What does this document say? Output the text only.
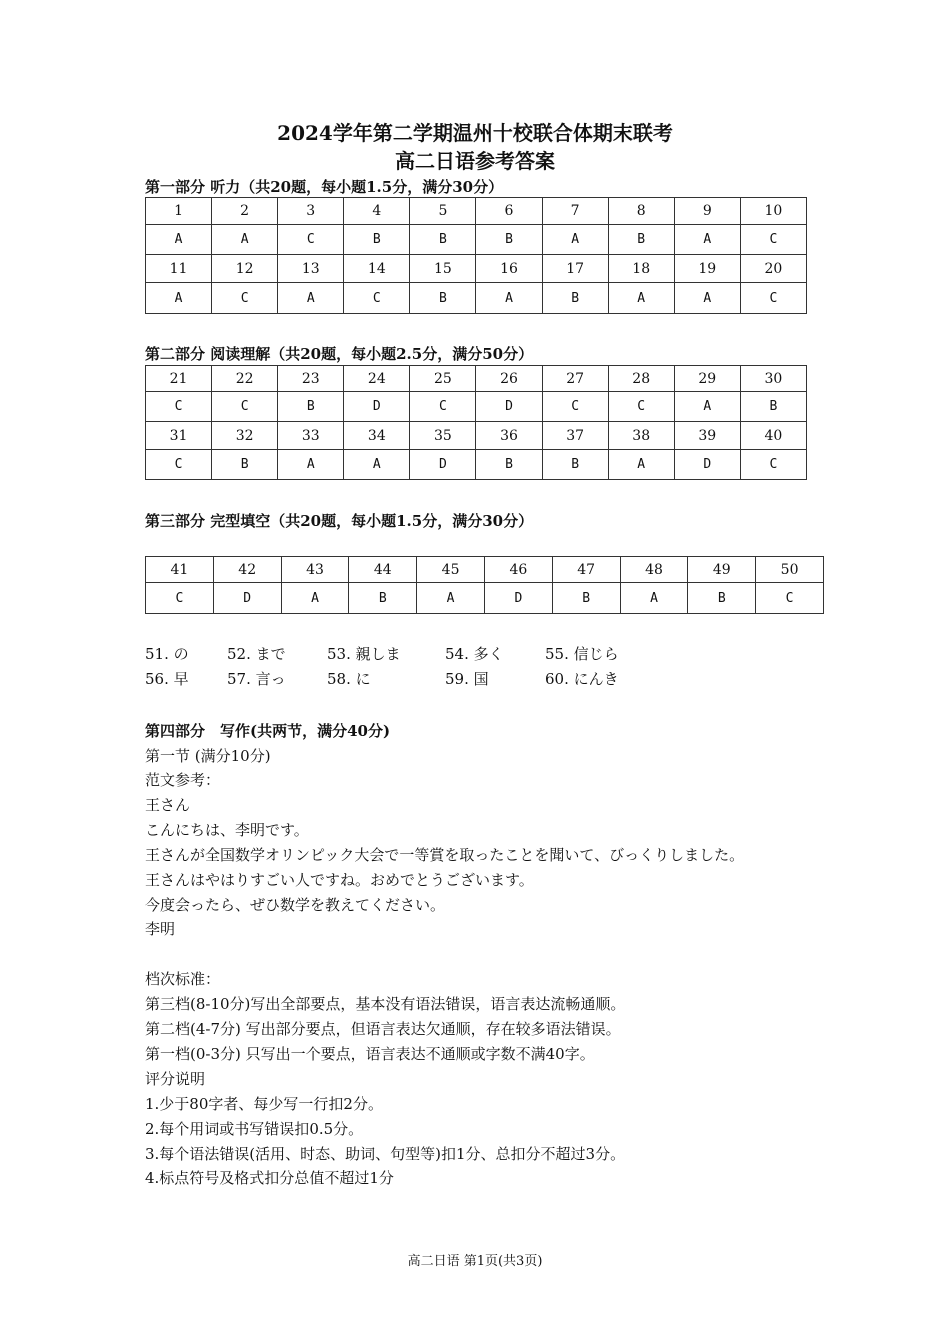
2024学年第二学期温州十校联合体期末联考
高二日语参考答案
第一部分 听力（共20题，每小题1.5分，满分30分）
1	2	3	4	5	6	7	8	9	10
A	A	C	B	B	B	A	B	A	C
11	12	13	14	15	16	17	18	19	20
A	C	A	C	B	A	B	A	A	C
第二部分 阅读理解（共20题，每小题2.5分，满分50分）
21	22	23	24	25	26	27	28	29	30
C	C	B	D	C	D	C	C	A	B
31	32	33	34	35	36	37	38	39	40
C	B	A	A	D	B	B	A	D	C
第三部分 完型填空（共20题，每小题1.5分，满分30分）
41	42	43	44	45	46	47	48	49	50
C	D	A	B	A	D	B	A	B	C
51. の	52. まで	53. 親しま	54. 多く	55. 信じら
56. 早	57. 言っ	58. に	59. 国	60. にんき
第四部分　写作(共两节，满分40分)
第一节 (满分10分)
范文参考：
王さん
こんにちは、李明です。
王さんが全国数学オリンピック大会で一等賞を取ったことを聞いて、びっくりしました。
王さんはやはりすごい人ですね。おめでとうございます。
今度会ったら、ぜひ数学を教えてください。
李明
档次标准：
第三档(8-10分)写出全部要点，基本没有语法错误，语言表达流畅通顺。
第二档(4-7分) 写出部分要点，但语言表达欠通顺，存在较多语法错误。
第一档(0-3分) 只写出一个要点，语言表达不通顺或字数不满40字。
评分说明
1.少于80字者、每少写一行扣2分。
2.每个用词或书写错误扣0.5分。
3.每个语法错误(活用、时态、助词、句型等)扣1分、总扣分不超过3分。
4.标点符号及格式扣分总值不超过1分
高二日语 第1页(共3页)
